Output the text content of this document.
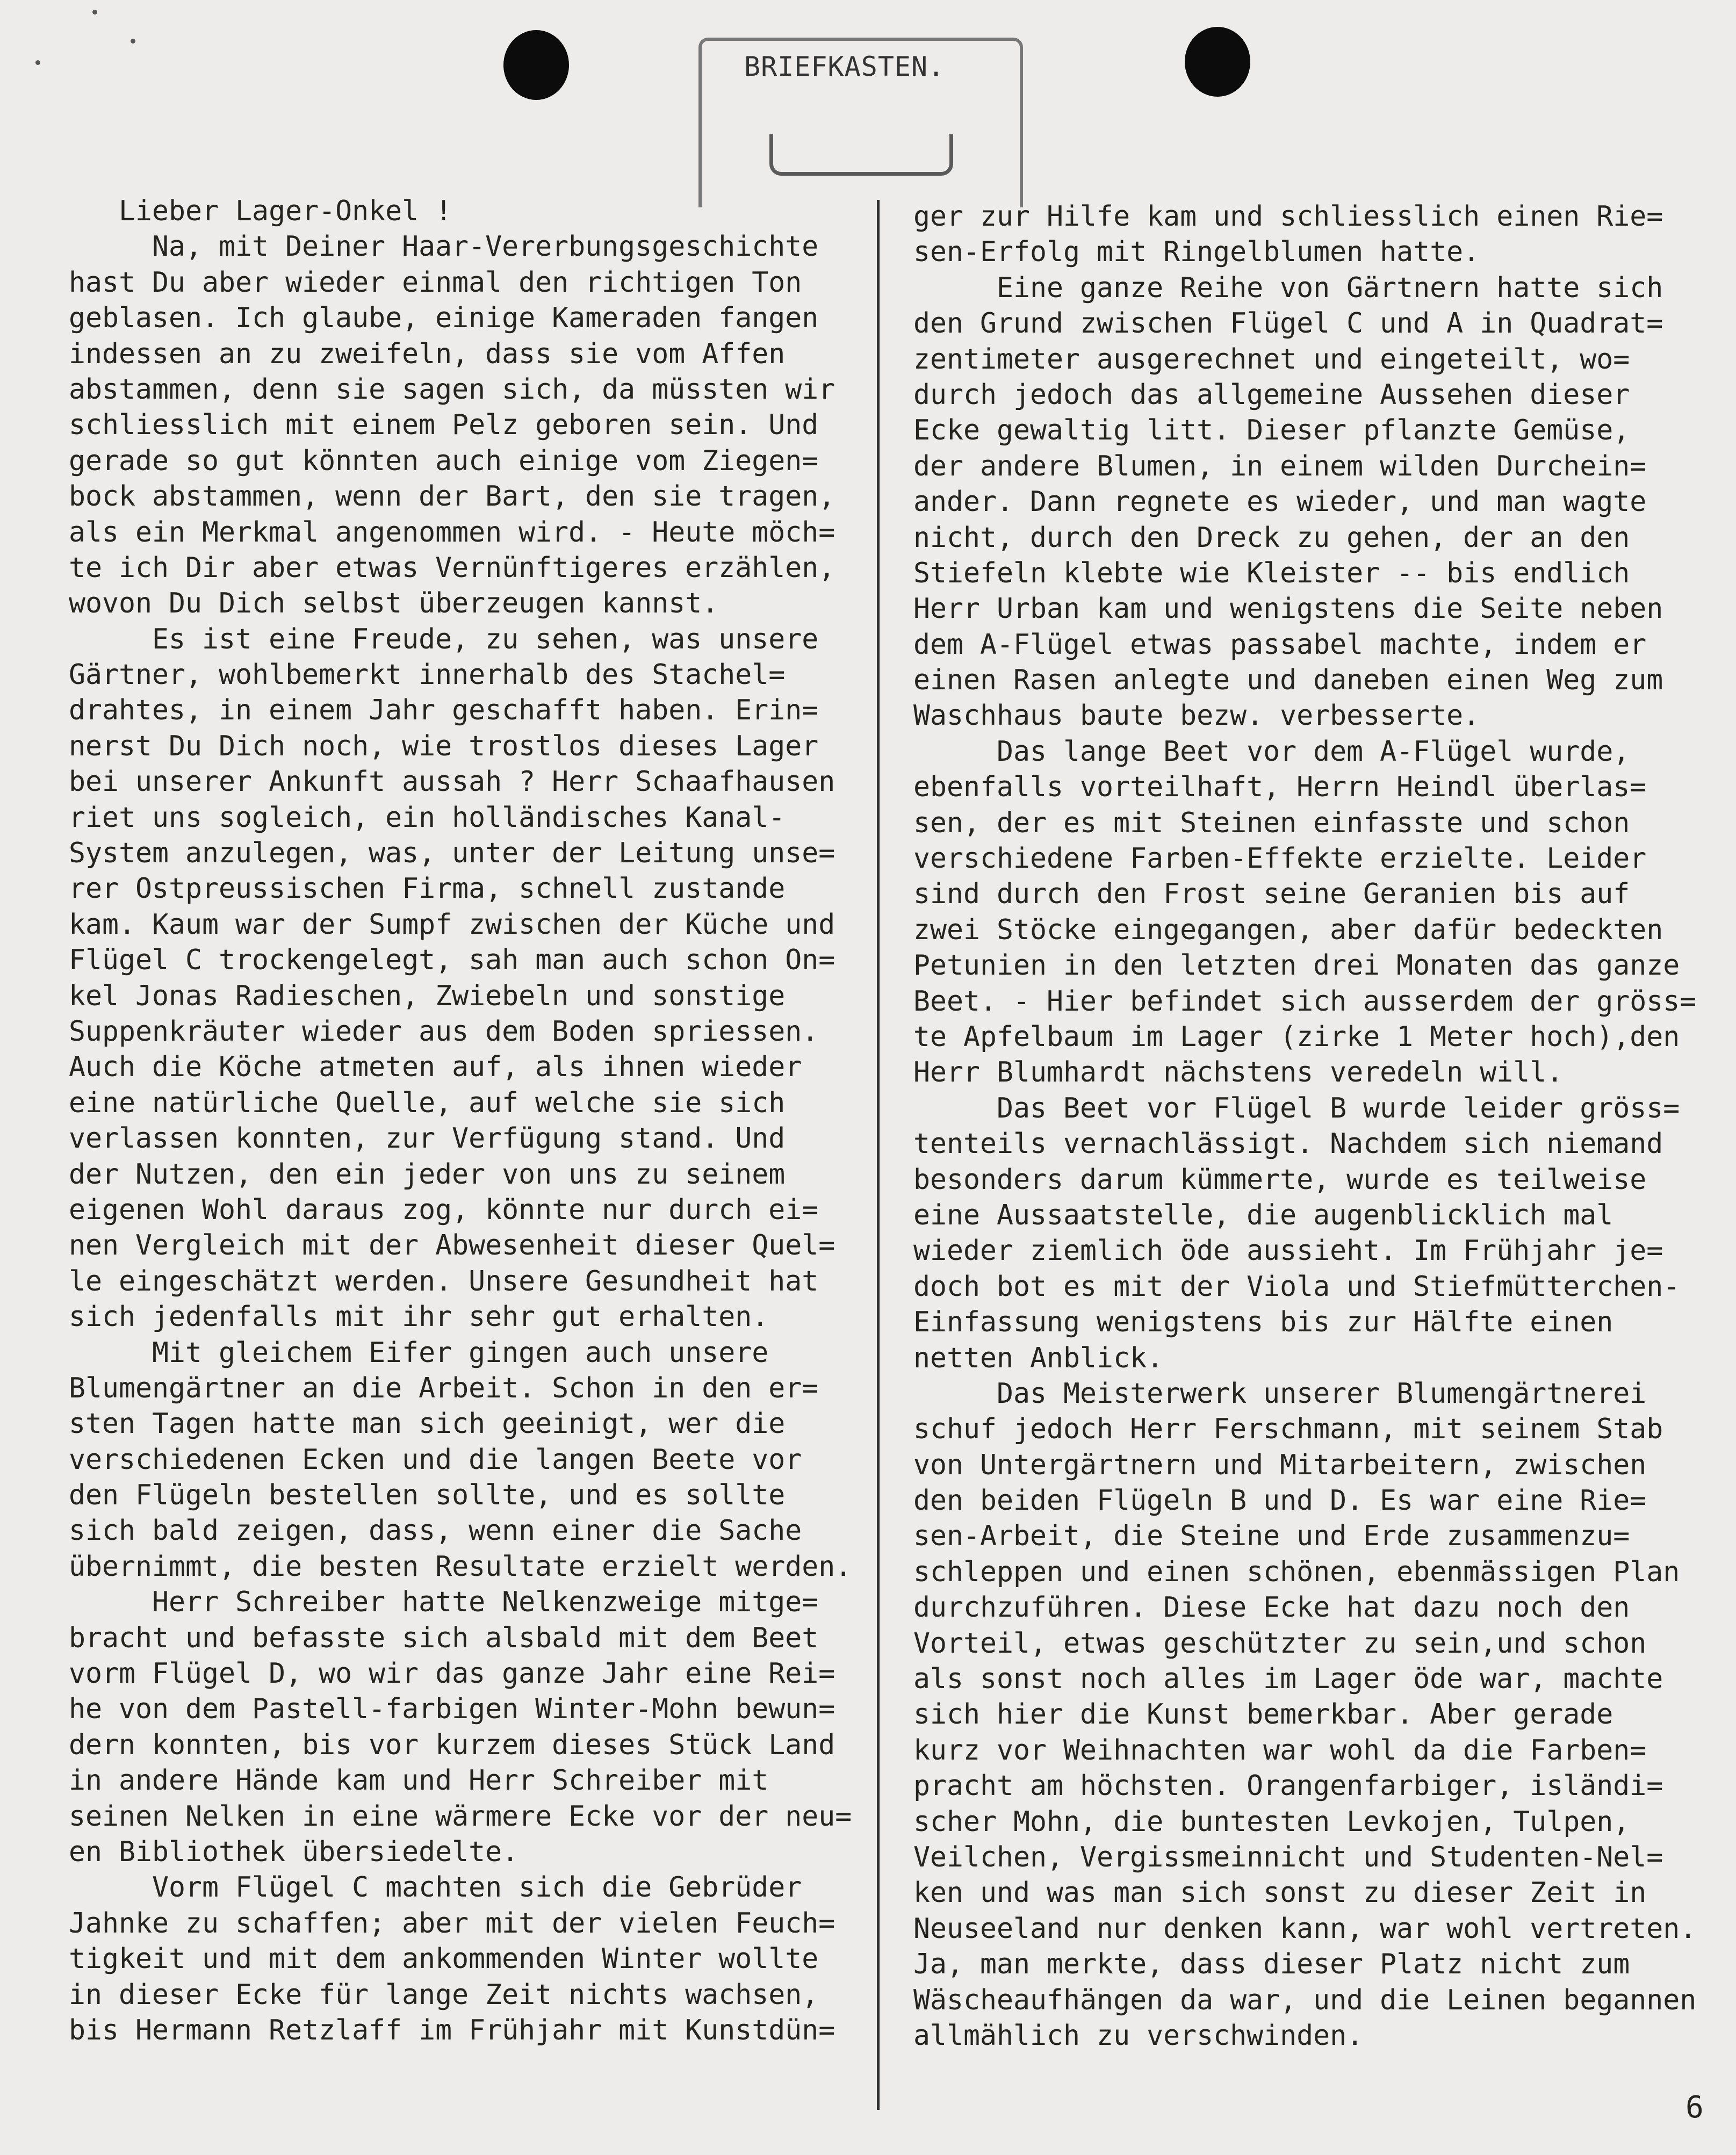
BRIEFKASTEN.
Lieber Lager-Onkel !
Na, mit Deiner Haar-Vererbungsgeschichte
hast Du aber wieder einmal den richtigen Ton
geblasen. Ich glaube, einige Kameraden fangen
indessen an zu zweifeln, dass sie vom Affen
abstammen, denn sie sagen sich, da müssten wir
schliesslich mit einem Pelz geboren sein. Und
gerade so gut könnten auch einige vom Ziegen=
bock abstammen, wenn der Bart, den sie tragen,
als ein Merkmal angenommen wird. - Heute möch=
te ich Dir aber etwas Vernünftigeres erzählen,
wovon Du Dich selbst überzeugen kannst.
Es ist eine Freude, zu sehen, was unsere
Gärtner, wohlbemerkt innerhalb des Stachel=
drahtes, in einem Jahr geschafft haben. Erin=
nerst Du Dich noch, wie trostlos dieses Lager
bei unserer Ankunft aussah ? Herr Schaafhausen
riet uns sogleich, ein holländisches Kanal-
System anzulegen, was, unter der Leitung unse=
rer Ostpreussischen Firma, schnell zustande
kam. Kaum war der Sumpf zwischen der Küche und
Flügel C trockengelegt, sah man auch schon On=
kel Jonas Radieschen, Zwiebeln und sonstige
Suppenkräuter wieder aus dem Boden spriessen.
Auch die Köche atmeten auf, als ihnen wieder
eine natürliche Quelle, auf welche sie sich
verlassen konnten, zur Verfügung stand. Und
der Nutzen, den ein jeder von uns zu seinem
eigenen Wohl daraus zog, könnte nur durch ei=
nen Vergleich mit der Abwesenheit dieser Quel=
le eingeschätzt werden. Unsere Gesundheit hat
sich jedenfalls mit ihr sehr gut erhalten.
Mit gleichem Eifer gingen auch unsere
Blumengärtner an die Arbeit. Schon in den er=
sten Tagen hatte man sich geeinigt, wer die
verschiedenen Ecken und die langen Beete vor
den Flügeln bestellen sollte, und es sollte
sich bald zeigen, dass, wenn einer die Sache
übernimmt, die besten Resultate erzielt werden.
Herr Schreiber hatte Nelkenzweige mitge=
bracht und befasste sich alsbald mit dem Beet
vorm Flügel D, wo wir das ganze Jahr eine Rei=
he von dem Pastell-farbigen Winter-Mohn bewun=
dern konnten, bis vor kurzem dieses Stück Land
in andere Hände kam und Herr Schreiber mit
seinen Nelken in eine wärmere Ecke vor der neu=
en Bibliothek übersiedelte.
Vorm Flügel C machten sich die Gebrüder
Jahnke zu schaffen; aber mit der vielen Feuch=
tigkeit und mit dem ankommenden Winter wollte
in dieser Ecke für lange Zeit nichts wachsen,
bis Hermann Retzlaff im Frühjahr mit Kunstdün=
ger zur Hilfe kam und schliesslich einen Rie=
sen-Erfolg mit Ringelblumen hatte.
Eine ganze Reihe von Gärtnern hatte sich
den Grund zwischen Flügel C und A in Quadrat=
zentimeter ausgerechnet und eingeteilt, wo=
durch jedoch das allgemeine Aussehen dieser
Ecke gewaltig litt. Dieser pflanzte Gemüse,
der andere Blumen, in einem wilden Durchein=
ander. Dann regnete es wieder, und man wagte
nicht, durch den Dreck zu gehen, der an den
Stiefeln klebte wie Kleister -- bis endlich
Herr Urban kam und wenigstens die Seite neben
dem A-Flügel etwas passabel machte, indem er
einen Rasen anlegte und daneben einen Weg zum
Waschhaus baute bezw. verbesserte.
Das lange Beet vor dem A-Flügel wurde,
ebenfalls vorteilhaft, Herrn Heindl überlas=
sen, der es mit Steinen einfasste und schon
verschiedene Farben-Effekte erzielte. Leider
sind durch den Frost seine Geranien bis auf
zwei Stöcke eingegangen, aber dafür bedeckten
Petunien in den letzten drei Monaten das ganze
Beet. - Hier befindet sich ausserdem der gröss=
te Apfelbaum im Lager (zirke 1 Meter hoch),den
Herr Blumhardt nächstens veredeln will.
Das Beet vor Flügel B wurde leider gröss=
tenteils vernachlässigt. Nachdem sich niemand
besonders darum kümmerte, wurde es teilweise
eine Aussaatstelle, die augenblicklich mal
wieder ziemlich öde aussieht. Im Frühjahr je=
doch bot es mit der Viola und Stiefmütterchen-
Einfassung wenigstens bis zur Hälfte einen
netten Anblick.
Das Meisterwerk unserer Blumengärtnerei
schuf jedoch Herr Ferschmann, mit seinem Stab
von Untergärtnern und Mitarbeitern, zwischen
den beiden Flügeln B und D. Es war eine Rie=
sen-Arbeit, die Steine und Erde zusammenzu=
schleppen und einen schönen, ebenmässigen Plan
durchzuführen. Diese Ecke hat dazu noch den
Vorteil, etwas geschützter zu sein,und schon
als sonst noch alles im Lager öde war, machte
sich hier die Kunst bemerkbar. Aber gerade
kurz vor Weihnachten war wohl da die Farben=
pracht am höchsten. Orangenfarbiger, isländi=
scher Mohn, die buntesten Levkojen, Tulpen,
Veilchen, Vergissmeinnicht und Studenten-Nel=
ken und was man sich sonst zu dieser Zeit in
Neuseeland nur denken kann, war wohl vertreten.
Ja, man merkte, dass dieser Platz nicht zum
Wäscheaufhängen da war, und die Leinen begannen
allmählich zu verschwinden.
6
